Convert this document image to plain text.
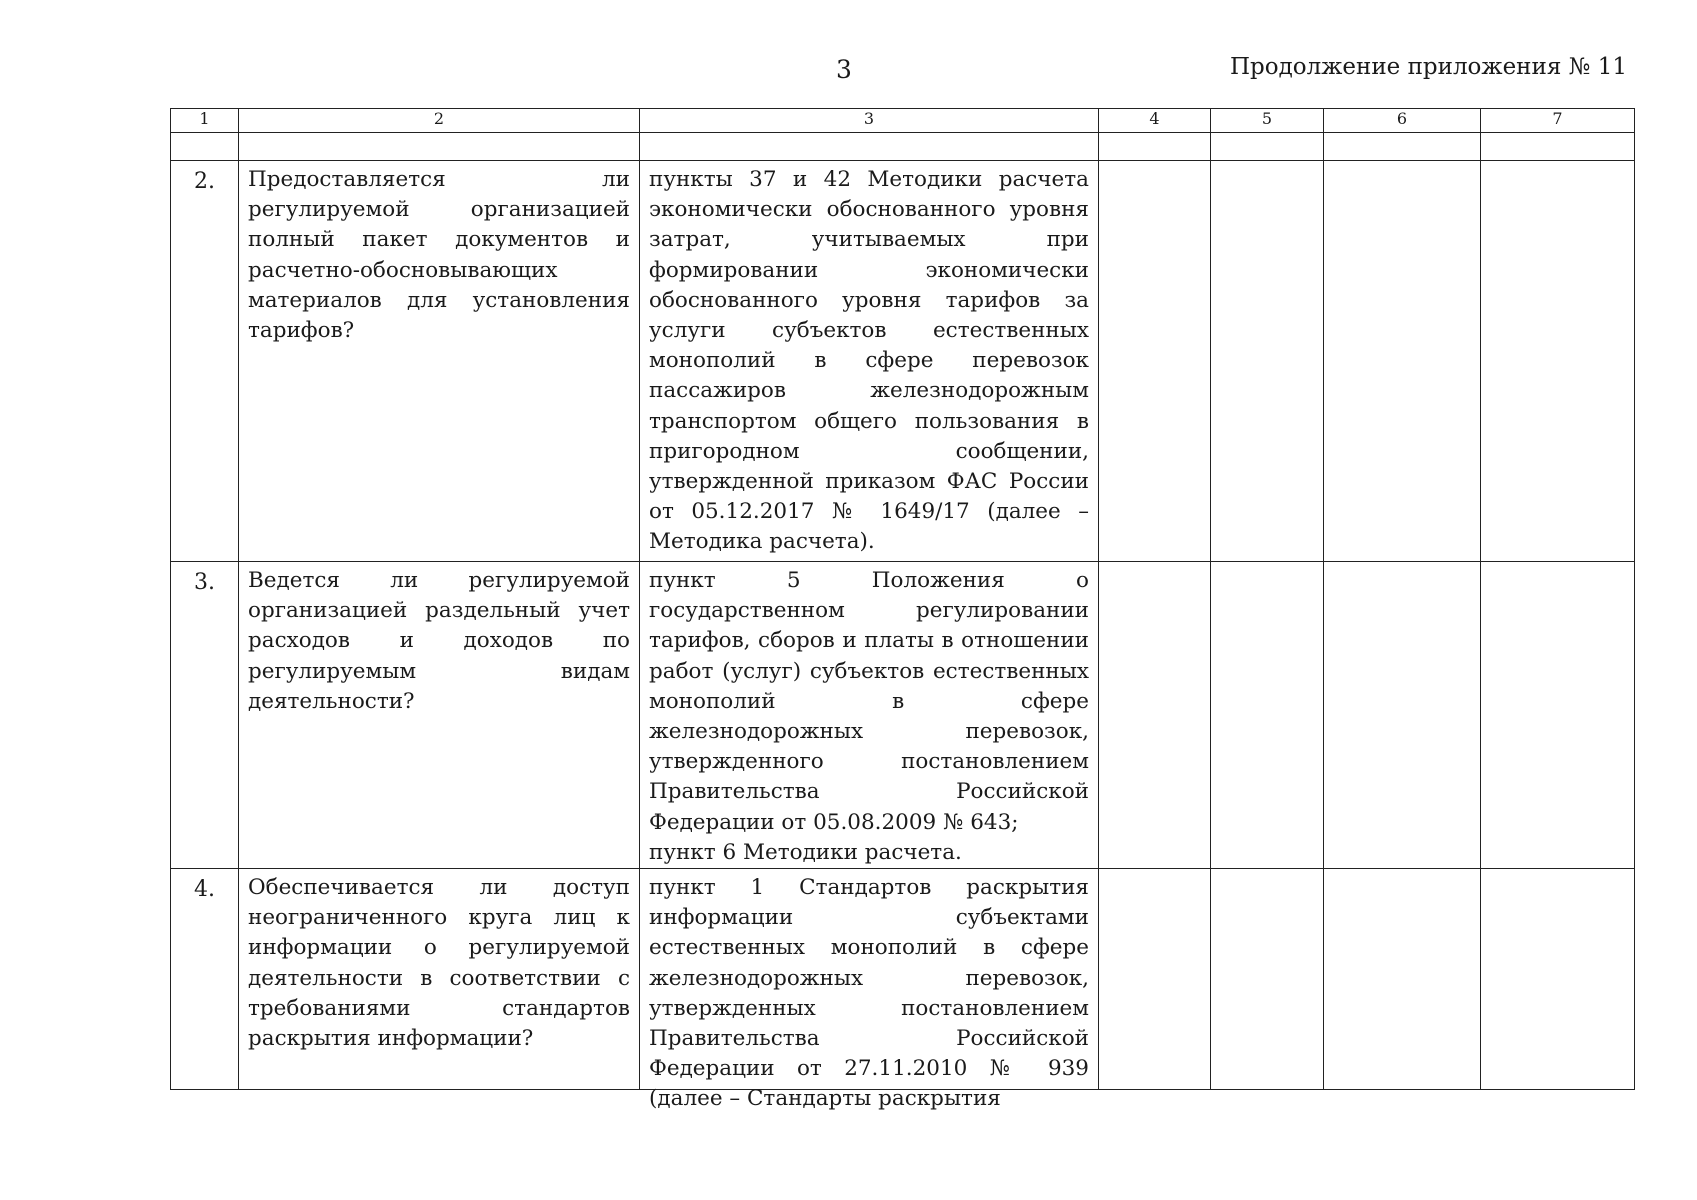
3	Продолжение приложения № 11
1	2	3	4	5	6	7

2.	Предоставляется ли регулируемой организацией полный пакет документов и расчетно-обосновывающих материалов для установления тарифов?	пункты 37 и 42 Методики расчета экономически обоснованного уровня затрат, учитываемых при формировании экономически обоснованного уровня тарифов за услуги субъектов естественных монополий в сфере перевозок пассажиров железнодорожным транспортом общего пользования в пригородном сообщении, утвержденной приказом ФАС России от 05.12.2017 № 1649/17 (далее – Методика расчета).				
3.	Ведется ли регулируемой организацией раздельный учет расходов и доходов по регулируемым видам деятельности?	пункт 5 Положения о государственном регулировании тарифов, сборов и платы в отношении работ (услуг) субъектов естественных монополий в сфере железнодорожных перевозок, утвержденного постановлением Правительства Российской Федерации от 05.08.2009 № 643;
пункт 6 Методики расчета.				

4.	Обеспечивается ли доступ неограниченного круга лиц к информации о регулируемой деятельности в соответствии с требованиями стандартов раскрытия информации?	пункт 1 Стандартов раскрытия информации субъектами естественных монополий в сфере железнодорожных перевозок, утвержденных постановлением Правительства Российской Федерации от 27.11.2010 № 939 (далее – Стандарты раскрытия				
